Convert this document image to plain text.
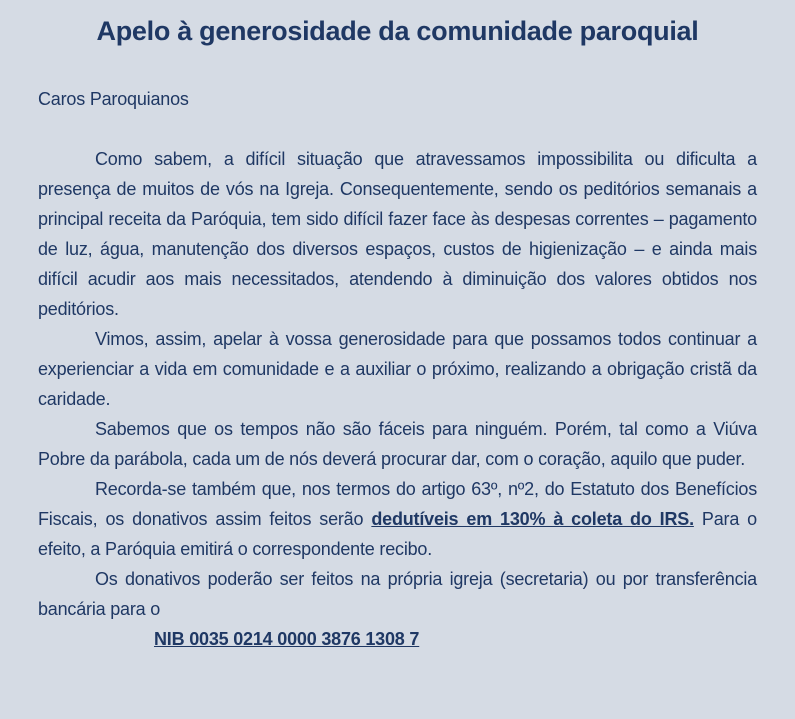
Apelo à generosidade da comunidade paroquial

Caros Paroquianos

Como sabem, a difícil situação que atravessamos impossibilita ou dificulta a presença de muitos de vós na Igreja. Consequentemente, sendo os peditórios semanais a principal receita da Paróquia, tem sido difícil fazer face às despesas correntes – pagamento de luz, água, manutenção dos diversos espaços, custos de higienização – e ainda mais difícil acudir aos mais necessitados, atendendo à diminuição dos valores obtidos nos peditórios.

Vimos, assim, apelar à vossa generosidade para que possamos todos continuar a experienciar a vida em comunidade e a auxiliar o próximo, realizando a obrigação cristã da caridade.

Sabemos que os tempos não são fáceis para ninguém. Porém, tal como a Viúva Pobre da parábola, cada um de nós deverá procurar dar, com o coração, aquilo que puder.

Recorda-se também que, nos termos do artigo 63º, nº2, do Estatuto dos Benefícios Fiscais, os donativos assim feitos serão dedutíveis em 130% à coleta do IRS. Para o efeito, a Paróquia emitirá o correspondente recibo.

Os donativos poderão ser feitos na própria igreja (secretaria) ou por transferência bancária para o

NIB 0035 0214 0000 3876 1308 7
